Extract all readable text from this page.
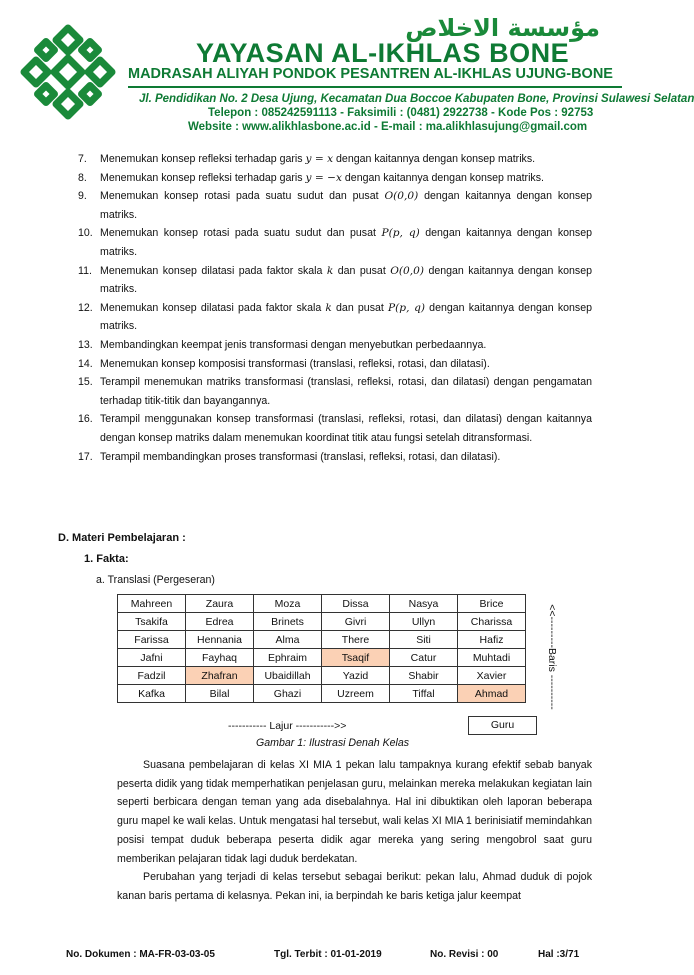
مؤسسة الاخلاص
YAYASAN AL-IKHLAS BONE
MADRASAH ALIYAH PONDOK PESANTREN AL-IKHLAS UJUNG-BONE
Jl. Pendidikan No. 2 Desa Ujung, Kecamatan Dua Boccoe Kabupaten Bone, Provinsi Sulawesi Selatan
Telepon : 085242591113 - Faksimili : (0481) 2922738 - Kode Pos : 92753
Website : www.alikhlasbone.ac.id - E-mail : ma.alikhlasujung@gmail.com
7. Menemukan konsep refleksi terhadap garis y = x dengan kaitannya dengan konsep matriks.
8. Menemukan konsep refleksi terhadap garis y = −x dengan kaitannya dengan konsep matriks.
9. Menemukan konsep rotasi pada suatu sudut dan pusat O(0,0) dengan kaitannya dengan konsep matriks.
10. Menemukan konsep rotasi pada suatu sudut dan pusat P(p, q) dengan kaitannya dengan konsep matriks.
11. Menemukan konsep dilatasi pada faktor skala k dan pusat O(0,0) dengan kaitannya dengan konsep matriks.
12. Menemukan konsep dilatasi pada faktor skala k dan pusat P(p, q) dengan kaitannya dengan konsep matriks.
13. Membandingkan keempat jenis transformasi dengan menyebutkan perbedaannya.
14. Menemukan konsep komposisi transformasi (translasi, refleksi, rotasi, dan dilatasi).
15. Terampil menemukan matriks transformasi (translasi, refleksi, rotasi, dan dilatasi) dengan pengamatan terhadap titik-titik dan bayangannya.
16. Terampil menggunakan konsep transformasi (translasi, refleksi, rotasi, dan dilatasi) dengan kaitannya dengan konsep matriks dalam menemukan koordinat titik atau fungsi setelah ditransformasi.
17. Terampil membandingkan proses transformasi (translasi, refleksi, rotasi, dan dilatasi).
D. Materi Pembelajaran :
1. Fakta:
a. Translasi (Pergeseran)
Mahreen	Zaura	Moza	Dissa	Nasya	Brice
Tsakifa	Edrea	Brinets	Givri	Ullyn	Charissa
Farissa	Hennania	Alma	There	Siti	Hafiz
Jafni	Fayhaq	Ephraim	Tsaqif	Catur	Muhtadi
Fadzil	Zhafran	Ubaidillah	Yazid	Shabir	Xavier
Kafka	Bilal	Ghazi	Uzreem	Tiffal	Ahmad	<<---------Baris ----------
----------- Lajur ----------->>	Guru
Gambar 1: Ilustrasi Denah Kelas

Suasana pembelajaran di kelas XI MIA 1 pekan lalu tampaknya kurang efektif sebab banyak peserta didik yang tidak memperhatikan penjelasan guru, melainkan mereka melakukan kegiatan lain seperti berbicara dengan teman yang ada disebalahnya. Hal ini dibuktikan oleh laporan beberapa guru mapel ke wali kelas. Untuk mengatasi hal tersebut, wali kelas XI MIA 1 berinisiatif memindahkan posisi tempat duduk beberapa peserta didik agar mereka yang sering mengobrol saat guru memberikan pelajaran tidak lagi duduk berdekatan.

Perubahan yang terjadi di kelas tersebut sebagai berikut: pekan lalu, Ahmad duduk di pojok kanan baris pertama di kelasnya. Pekan ini, ia berpindah ke baris ketiga jalur keempat

No. Dokumen : MA-FR-03-03-05	Tgl. Terbit : 01-01-2019	No. Revisi : 00	Hal :3/71
